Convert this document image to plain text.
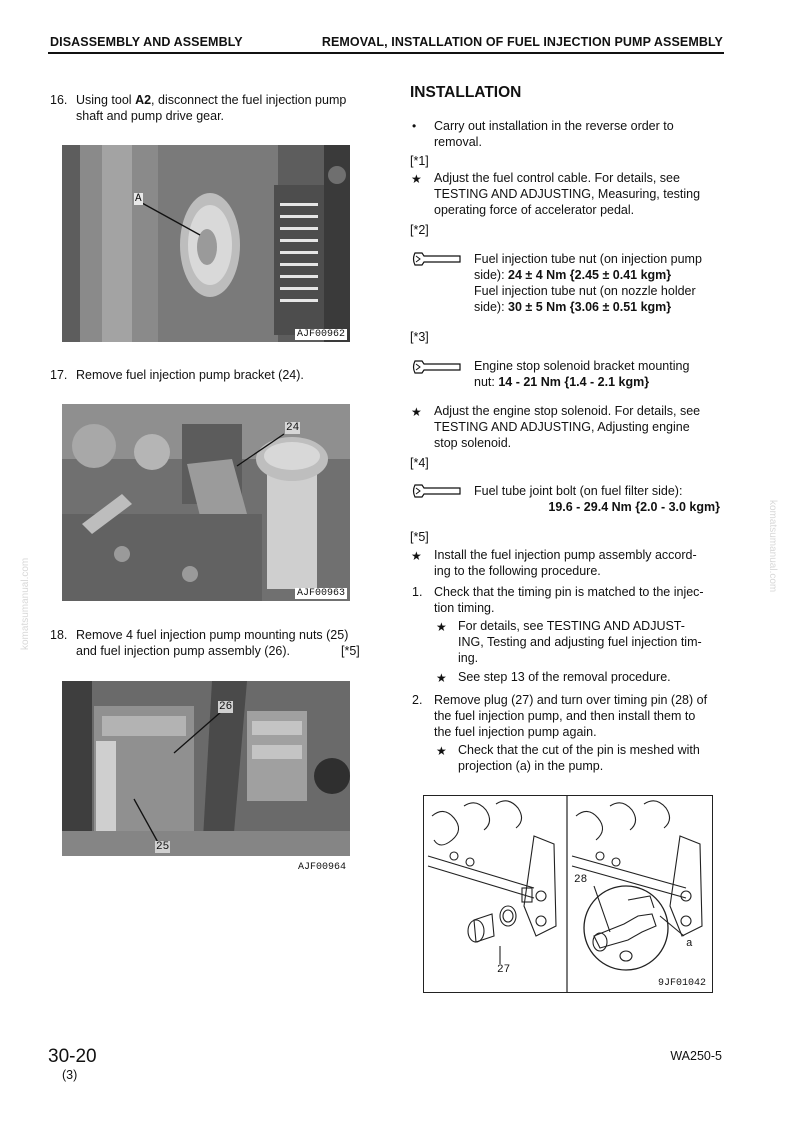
DISASSEMBLY AND ASSEMBLY	REMOVAL, INSTALLATION OF FUEL INJECTION PUMP ASSEMBLY
16. Using tool A2, disconnect the fuel injection pump
shaft and pump drive gear.
A
AJF00962
17. Remove fuel injection pump bracket (24).
24
AJF00963
18. Remove 4 fuel injection pump mounting nuts (25)
and fuel injection pump assembly (26).	[*5]
26
25
AJF00964
INSTALLATION
• Carry out installation in the reverse order to
removal.
[*1]
★ Adjust the fuel control cable. For details, see
TESTING AND ADJUSTING, Measuring, testing
operating force of accelerator pedal.
[*2]
Fuel injection tube nut (on injection pump
side): 24 ± 4 Nm {2.45 ± 0.41 kgm}
Fuel injection tube nut (on nozzle holder
side): 30 ± 5 Nm {3.06 ± 0.51 kgm}
[*3]
Engine stop solenoid bracket mounting
nut: 14 - 21 Nm {1.4 - 2.1 kgm}
★ Adjust the engine stop solenoid. For details, see
TESTING AND ADJUSTING, Adjusting engine
stop solenoid.
[*4]
Fuel tube joint bolt (on fuel filter side):

19.6 - 29.4 Nm {2.0 - 3.0 kgm}
[*5]
★ Install the fuel injection pump assembly accord-
ing to the following procedure.
1. Check that the timing pin is matched to the injec-
tion timing.
★ For details, see TESTING AND ADJUST-
ING, Testing and adjusting fuel injection tim-
ing.
★ See step 13 of the removal procedure.
2. Remove plug (27) and turn over timing pin (28) of
the fuel injection pump, and then install them to
the fuel injection pump again.
★ Check that the cut of the pin is meshed with
projection (a) in the pump.
27
28
a
9JF01042
komatsumanual.com
komatsumanual.com
30-20
(3)
WA250-5
